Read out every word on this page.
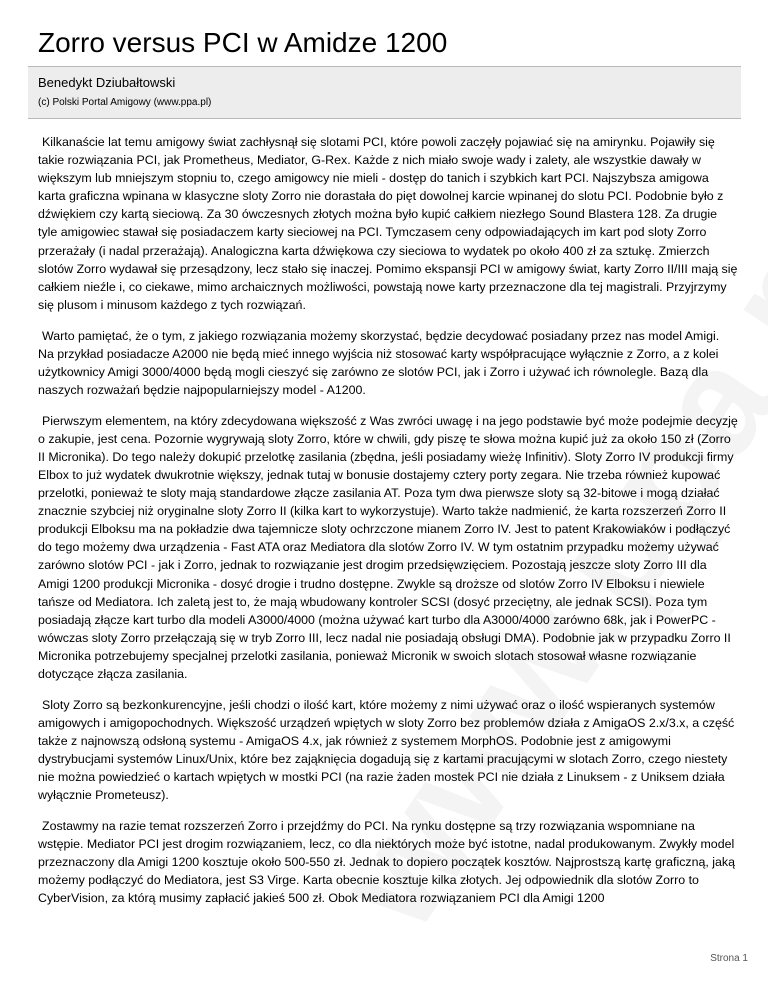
Zorro versus PCI w Amidze 1200
Benedykt Dziubałtowski
(c) Polski Portal Amigowy (www.ppa.pl)

Kilkanaście lat temu amigowy świat zachłysnął się slotami PCI, które powoli zaczęły pojawiać się na amirynku. Pojawiły się takie rozwiązania PCI, jak Prometheus, Mediator, G-Rex. Każde z nich miało swoje wady i zalety, ale wszystkie dawały w większym lub mniejszym stopniu to, czego amigowcy nie mieli - dostęp do tanich i szybkich kart PCI. Najszybsza amigowa karta graficzna wpinana w klasyczne sloty Zorro nie dorastała do pięt dowolnej karcie wpinanej do slotu PCI. Podobnie było z dźwiękiem czy kartą sieciową. Za 30 ówczesnych złotych można było kupić całkiem niezłego Sound Blastera 128. Za drugie tyle amigowiec stawał się posiadaczem karty sieciowej na PCI. Tymczasem ceny odpowiadających im kart pod sloty Zorro przerażały (i nadal przerażają). Analogiczna karta dźwiękowa czy sieciowa to wydatek po około 400 zł za sztukę. Zmierzch slotów Zorro wydawał się przesądzony, lecz stało się inaczej. Pomimo ekspansji PCI w amigowy świat, karty Zorro II/III mają się całkiem nieźle i, co ciekawe, mimo archaicznych możliwości, powstają nowe karty przeznaczone dla tej magistrali. Przyjrzymy się plusom i minusom każdego z tych rozwiązań.

Warto pamiętać, że o tym, z jakiego rozwiązania możemy skorzystać, będzie decydować posiadany przez nas model Amigi. Na przykład posiadacze A2000 nie będą mieć innego wyjścia niż stosować karty współpracujące wyłącznie z Zorro, a z kolei użytkownicy Amigi 3000/4000 będą mogli cieszyć się zarówno ze slotów PCI, jak i Zorro i używać ich równolegle. Bazą dla naszych rozważań będzie najpopularniejszy model - A1200.

Pierwszym elementem, na który zdecydowana większość z Was zwróci uwagę i na jego podstawie być może podejmie decyzję o zakupie, jest cena. Pozornie wygrywają sloty Zorro, które w chwili, gdy piszę te słowa można kupić już za około 150 zł (Zorro II Micronika). Do tego należy dokupić przelotkę zasilania (zbędna, jeśli posiadamy wieżę Infinitiv). Sloty Zorro IV produkcji firmy Elbox to już wydatek dwukrotnie większy, jednak tutaj w bonusie dostajemy cztery porty zegara. Nie trzeba również kupować przelotki, ponieważ te sloty mają standardowe złącze zasilania AT. Poza tym dwa pierwsze sloty są 32-bitowe i mogą działać znacznie szybciej niż oryginalne sloty Zorro II (kilka kart to wykorzystuje). Warto także nadmienić, że karta rozszerzeń Zorro II produkcji Elboksu ma na pokładzie dwa tajemnicze sloty ochrzczone mianem Zorro IV. Jest to patent Krakowiaków i podłączyć do tego możemy dwa urządzenia - Fast ATA oraz Mediatora dla slotów Zorro IV. W tym ostatnim przypadku możemy używać zarówno slotów PCI - jak i Zorro, jednak to rozwiązanie jest drogim przedsięwzięciem. Pozostają jeszcze sloty Zorro III dla Amigi 1200 produkcji Micronika - dosyć drogie i trudno dostępne. Zwykle są droższe od slotów Zorro IV Elboksu i niewiele tańsze od Mediatora. Ich zaletą jest to, że mają wbudowany kontroler SCSI (dosyć przeciętny, ale jednak SCSI). Poza tym posiadają złącze kart turbo dla modeli A3000/4000 (można używać kart turbo dla A3000/4000 zarówno 68k, jak i PowerPC - wówczas sloty Zorro przełączają się w tryb Zorro III, lecz nadal nie posiadają obsługi DMA). Podobnie jak w przypadku Zorro II Micronika potrzebujemy specjalnej przelotki zasilania, ponieważ Micronik w swoich slotach stosował własne rozwiązanie dotyczące złącza zasilania.

Sloty Zorro są bezkonkurencyjne, jeśli chodzi o ilość kart, które możemy z nimi używać oraz o ilość wspieranych systemów amigowych i amigopochodnych. Większość urządzeń wpiętych w sloty Zorro bez problemów działa z AmigaOS 2.x/3.x, a część także z najnowszą odsłoną systemu - AmigaOS 4.x, jak również z systemem MorphOS. Podobnie jest z amigowymi dystrybucjami systemów Linux/Unix, które bez zająknięcia dogadują się z kartami pracującymi w slotach Zorro, czego niestety nie można powiedzieć o kartach wpiętych w mostki PCI (na razie żaden mostek PCI nie działa z Linuksem - z Uniksem działa wyłącznie Prometeusz).

Zostawmy na razie temat rozszerzeń Zorro i przejdźmy do PCI. Na rynku dostępne są trzy rozwiązania wspomniane na wstępie. Mediator PCI jest drogim rozwiązaniem, lecz, co dla niektórych może być istotne, nadal produkowanym. Zwykły model przeznaczony dla Amigi 1200 kosztuje około 500-550 zł. Jednak to dopiero początek kosztów. Najprostszą kartę graficzną, jaką możemy podłączyć do Mediatora, jest S3 Virge. Karta obecnie kosztuje kilka złotych. Jej odpowiednik dla slotów Zorro to CyberVision, za którą musimy zapłacić jakieś 500 zł. Obok Mediatora rozwiązaniem PCI dla Amigi 1200

Strona 1
